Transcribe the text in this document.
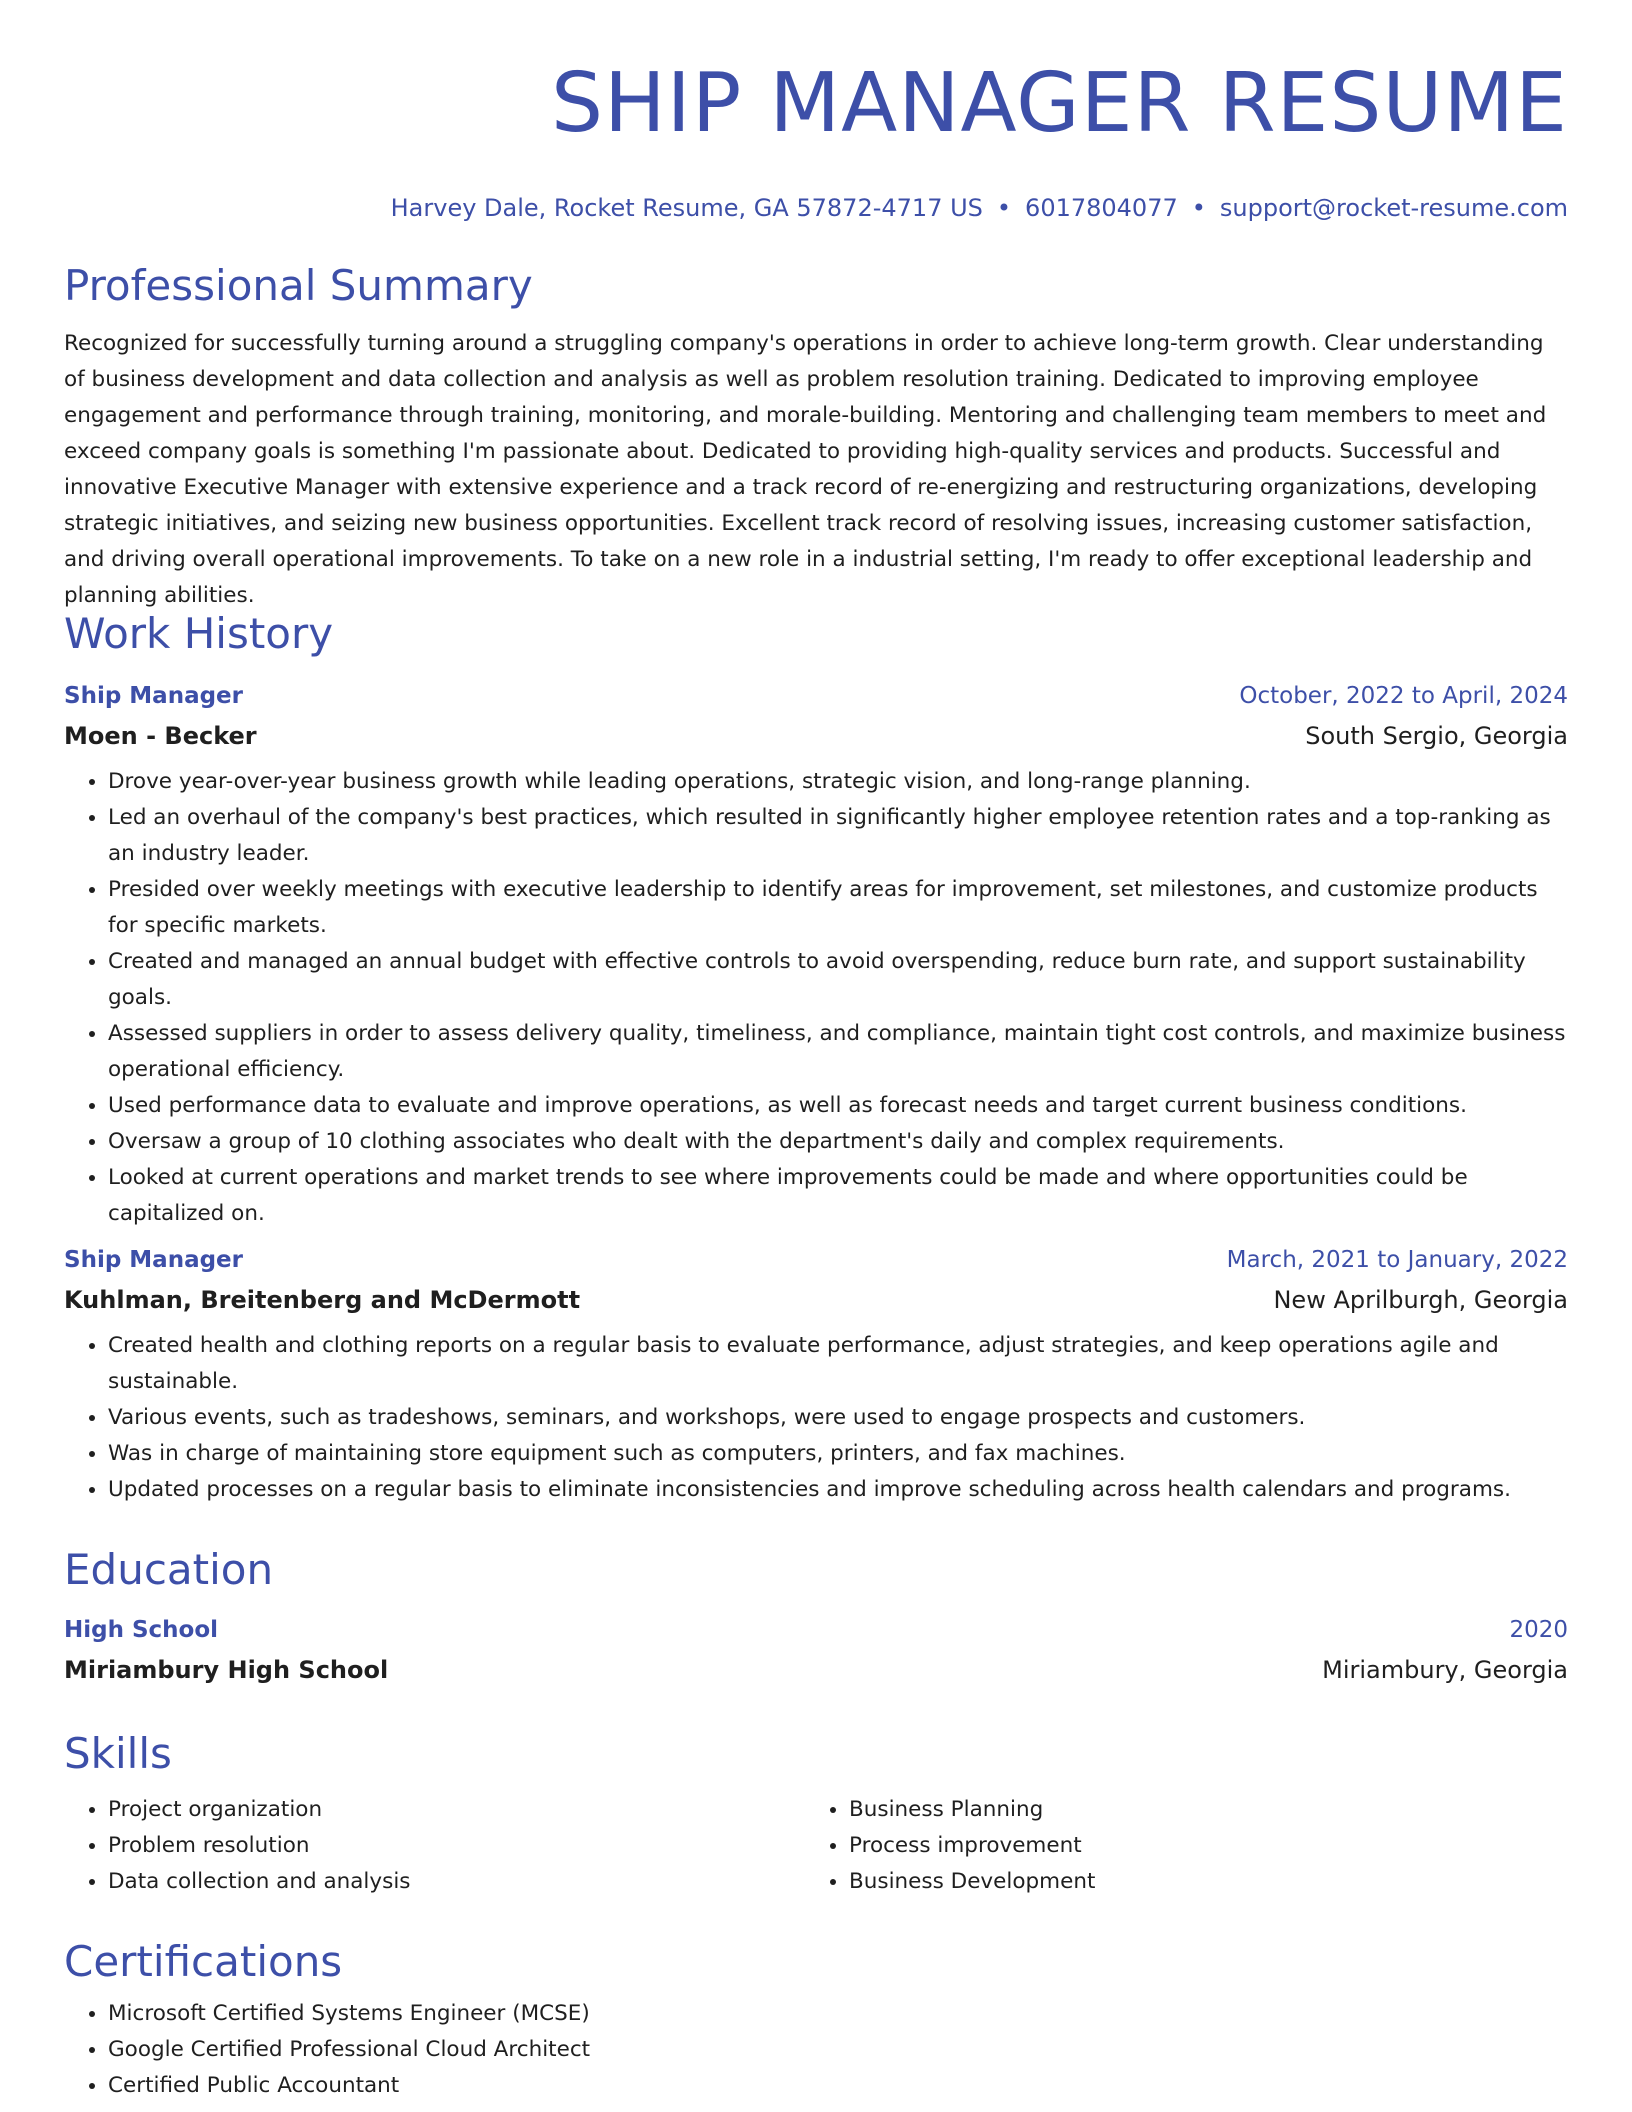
SHIP MANAGER RESUME
Harvey Dale, Rocket Resume, GA 57872-4717 US • 6017804077 • support@rocket-resume.com
Professional Summary

Recognized for successfully turning around a struggling company's operations in order to achieve long-term growth. Clear understanding of business development and data collection and analysis as well as problem resolution training. Dedicated to improving employee engagement and performance through training, monitoring, and morale-building. Mentoring and challenging team members to meet and exceed company goals is something I'm passionate about. Dedicated to providing high-quality services and products. Successful and innovative Executive Manager with extensive experience and a track record of re-energizing and restructuring organizations, developing strategic initiatives, and seizing new business opportunities. Excellent track record of resolving issues, increasing customer satisfaction, and driving overall operational improvements. To take on a new role in a industrial setting, I'm ready to offer exceptional leadership and planning abilities.

Work History
Ship Manager	October, 2022 to April, 2024
Moen - Becker	South Sergio, Georgia
• Drove year-over-year business growth while leading operations, strategic vision, and long-range planning.
• Led an overhaul of the company's best practices, which resulted in significantly higher employee retention rates and a top-ranking as an industry leader.
• Presided over weekly meetings with executive leadership to identify areas for improvement, set milestones, and customize products for specific markets.
• Created and managed an annual budget with effective controls to avoid overspending, reduce burn rate, and support sustainability goals.
• Assessed suppliers in order to assess delivery quality, timeliness, and compliance, maintain tight cost controls, and maximize business operational efficiency.
• Used performance data to evaluate and improve operations, as well as forecast needs and target current business conditions.
• Oversaw a group of 10 clothing associates who dealt with the department's daily and complex requirements.
• Looked at current operations and market trends to see where improvements could be made and where opportunities could be capitalized on.
Ship Manager	March, 2021 to January, 2022
Kuhlman, Breitenberg and McDermott	New Aprilburgh, Georgia
• Created health and clothing reports on a regular basis to evaluate performance, adjust strategies, and keep operations agile and sustainable.
• Various events, such as tradeshows, seminars, and workshops, were used to engage prospects and customers.
• Was in charge of maintaining store equipment such as computers, printers, and fax machines.
• Updated processes on a regular basis to eliminate inconsistencies and improve scheduling across health calendars and programs.
Education
High School	2020
Miriambury High School	Miriambury, Georgia
Skills
• Project organization
• Problem resolution
• Data collection and analysis
• Business Planning
• Process improvement
• Business Development
Certifications
• Microsoft Certified Systems Engineer (MCSE)
• Google Certified Professional Cloud Architect
• Certified Public Accountant
